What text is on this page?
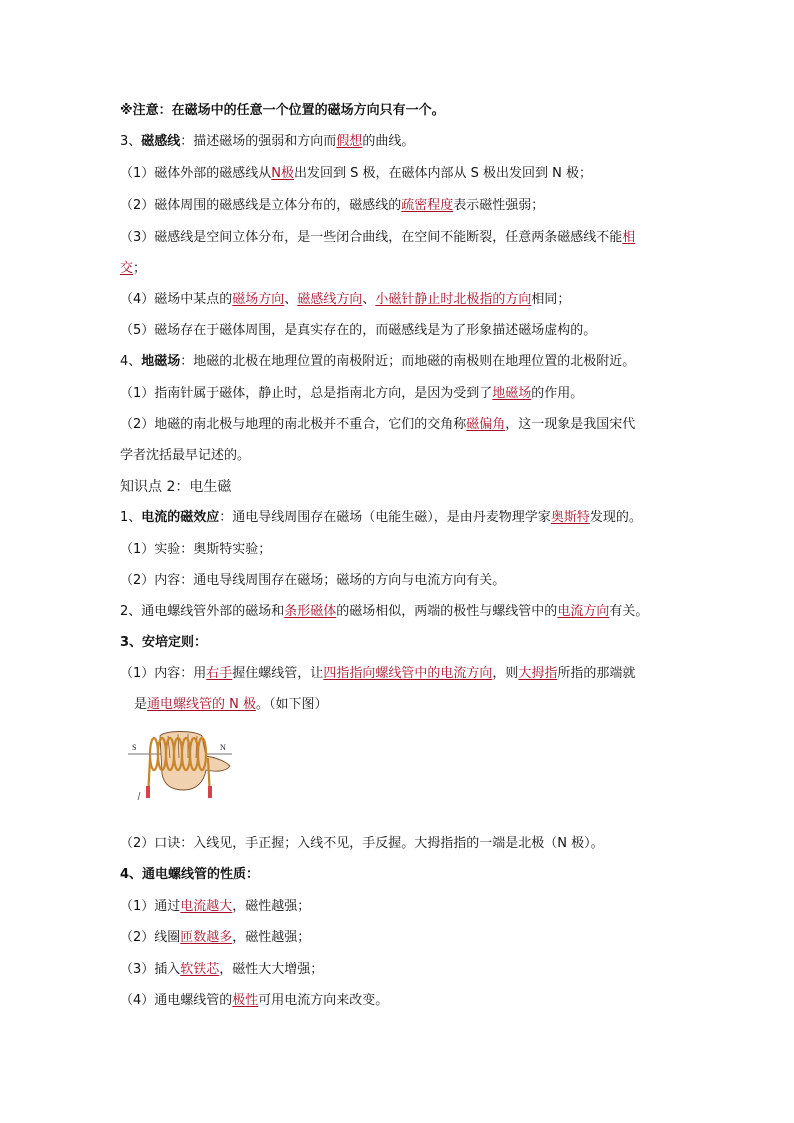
※注意：在磁场中的任意一个位置的磁场方向只有一个。
3、磁感线：描述磁场的强弱和方向而假想的曲线。
（1）磁体外部的磁感线从N极出发回到 S 极，在磁体内部从 S 极出发回到 N 极；
（2）磁体周围的磁感线是立体分布的，磁感线的疏密程度表示磁性强弱；
（3）磁感线是空间立体分布，是一些闭合曲线，在空间不能断裂，任意两条磁感线不能相
交；
（4）磁场中某点的磁场方向、磁感线方向、小磁针静止时北极指的方向相同；
（5）磁场存在于磁体周围，是真实存在的，而磁感线是为了形象描述磁场虚构的。
4、地磁场：地磁的北极在地理位置的南极附近；而地磁的南极则在地理位置的北极附近。
（1）指南针属于磁体，静止时，总是指南北方向，是因为受到了地磁场的作用。
（2）地磁的南北极与地理的南北极并不重合，它们的交角称磁偏角，这一现象是我国宋代
学者沈括最早记述的。
知识点 2：电生磁
1、电流的磁效应：通电导线周围存在磁场（电能生磁），是由丹麦物理学家奥斯特发现的。
（1）实验：奥斯特实验；
（2）内容：通电导线周围存在磁场；磁场的方向与电流方向有关。
2、通电螺线管外部的磁场和条形磁体的磁场相似，两端的极性与螺线管中的电流方向有关。
3、安培定则：
（1）内容：用右手握住螺线管，让四指指向螺线管中的电流方向，则大拇指所指的那端就
是通电螺线管的 N 极。（如下图）
S	N
（2）口诀：入线见，手正握；入线不见，手反握。大拇指指的一端是北极（N 极）。
4、通电螺线管的性质：
（1）通过电流越大，磁性越强；
（2）线圈匝数越多，磁性越强；
（3）插入软铁芯，磁性大大增强；
（4）通电螺线管的极性可用电流方向来改变。
